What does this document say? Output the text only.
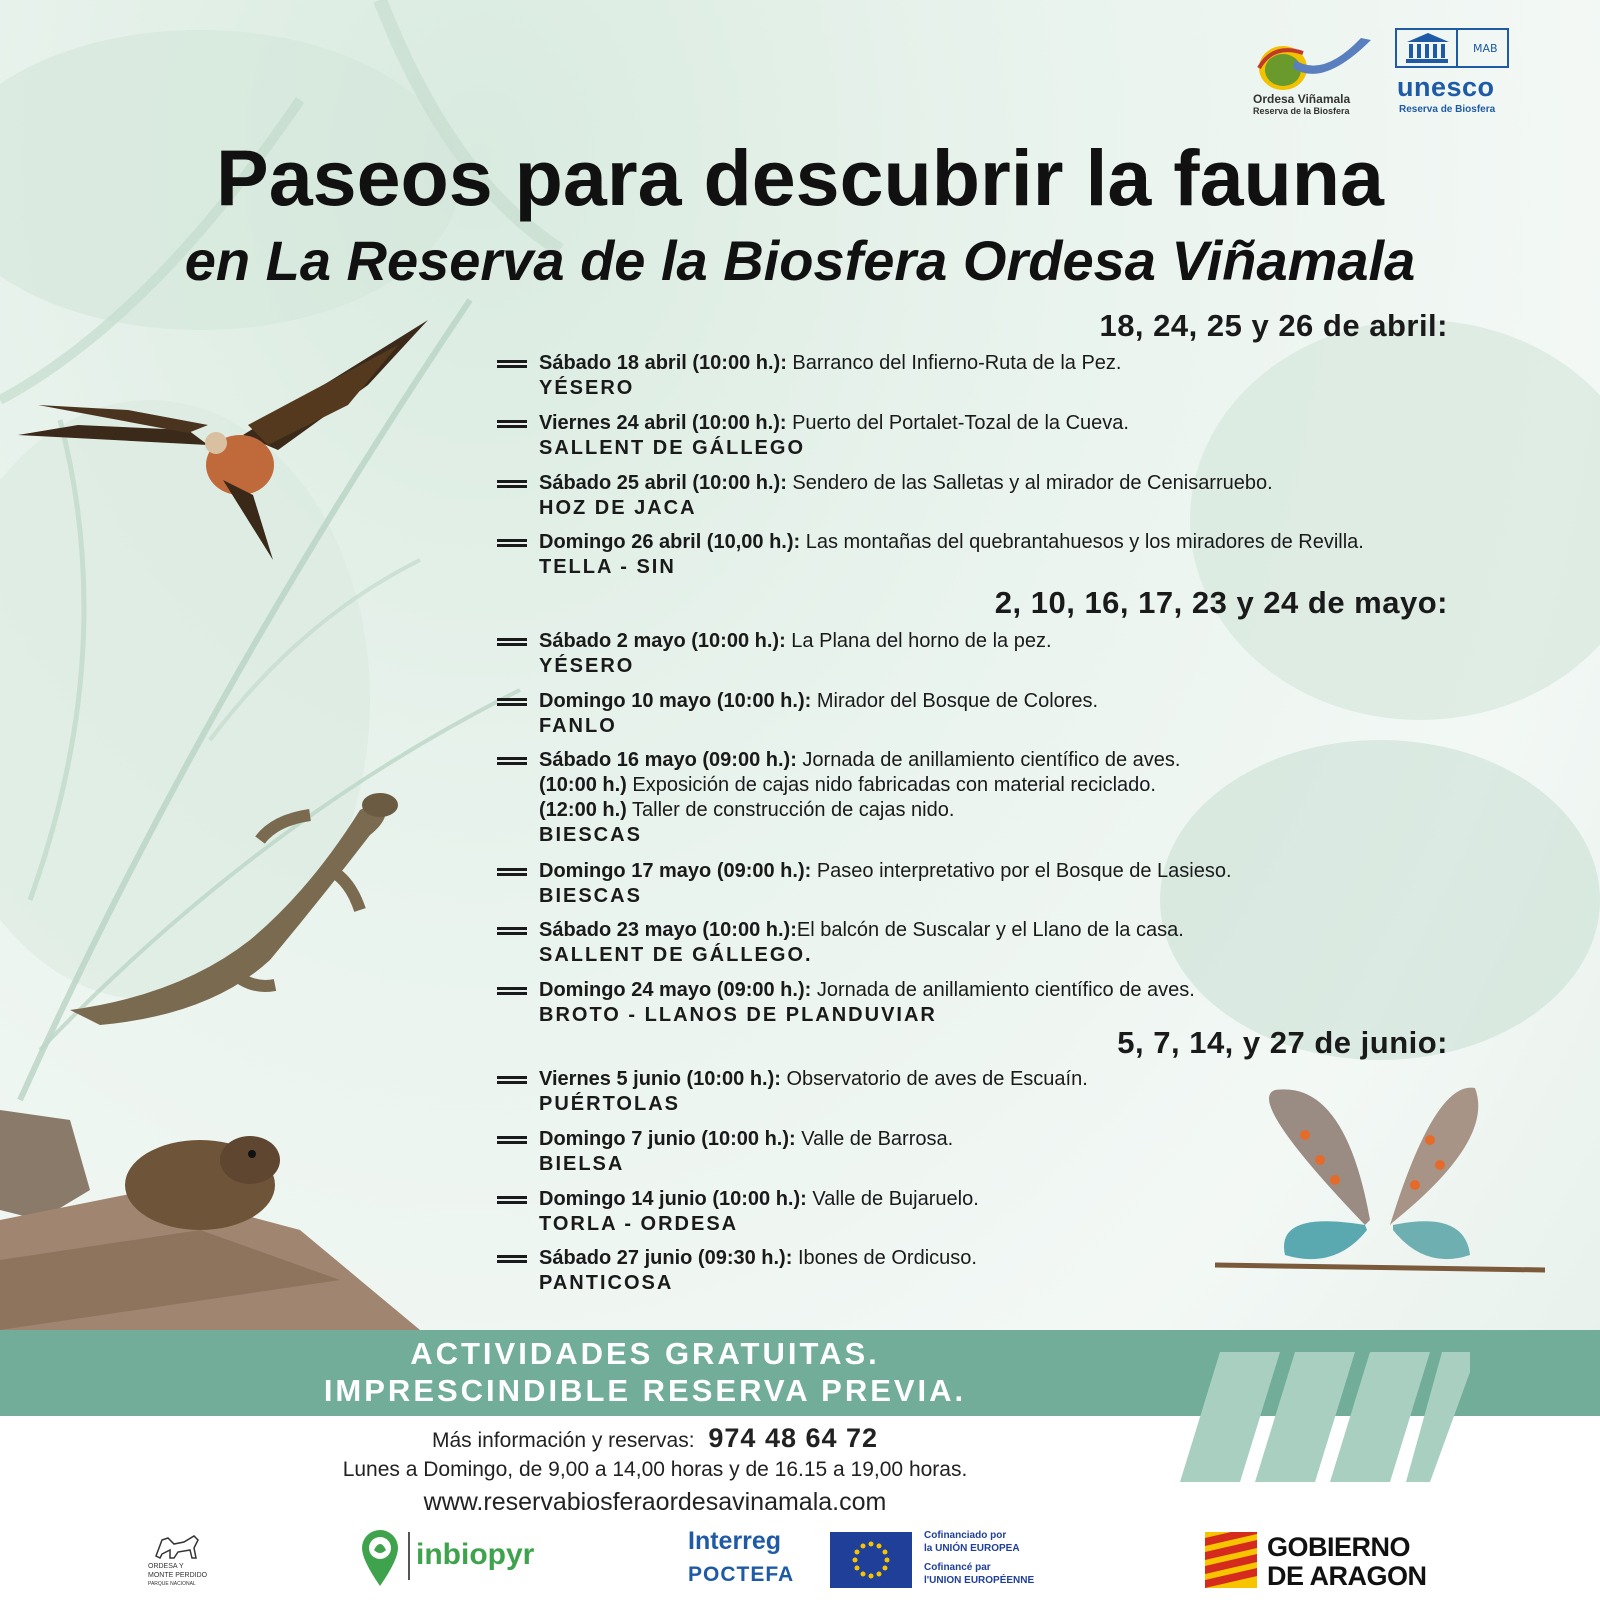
Ordesa Viñamala
Reserva de la Biosfera
MAB
unesco
Reserva de Biosfera
Paseos para descubrir la fauna
en La Reserva de la Biosfera Ordesa Viñamala
18, 24, 25 y 26 de abril:
Sábado 18 abril (10:00 h.): Barranco del Infierno-Ruta de la Pez.
YÉSERO
Viernes 24 abril (10:00 h.): Puerto del Portalet-Tozal de la Cueva.
SALLENT DE GÁLLEGO
Sábado 25 abril (10:00 h.): Sendero de las Salletas y al mirador de Cenisarruebo.
HOZ DE JACA
Domingo 26 abril (10,00 h.): Las montañas del quebrantahuesos y los miradores de Revilla.
TELLA - SIN
2, 10, 16, 17, 23 y 24 de mayo:
Sábado 2 mayo (10:00 h.): La Plana del horno de la pez.
YÉSERO
Domingo 10 mayo (10:00 h.): Mirador del Bosque de Colores.
FANLO
Sábado 16 mayo (09:00 h.): Jornada de anillamiento científico de aves.
(10:00 h.) Exposición de cajas nido fabricadas con material reciclado.
(12:00 h.) Taller de construcción de cajas nido.
BIESCAS
Domingo 17 mayo (09:00 h.): Paseo interpretativo por el Bosque de Lasieso.
BIESCAS
Sábado 23 mayo (10:00 h.):El balcón de Suscalar y el Llano de la casa.
SALLENT DE GÁLLEGO.
Domingo 24 mayo (09:00 h.): Jornada de anillamiento científico de aves.
BROTO - LLANOS DE PLANDUVIAR
5, 7, 14, y 27 de junio:
Viernes 5 junio (10:00 h.): Observatorio de aves de Escuaín.
PUÉRTOLAS
Domingo 7 junio (10:00 h.): Valle de Barrosa.
BIELSA
Domingo 14 junio (10:00 h.): Valle de Bujaruelo.
TORLA - ORDESA
Sábado 27 junio (09:30 h.): Ibones de Ordicuso.
PANTICOSA
ACTIVIDADES GRATUITAS.
IMPRESCINDIBLE RESERVA PREVIA.
Más información y reservas: 974 48 64 72
Lunes a Domingo, de 9,00 a 14,00 horas y de 16.15 a 19,00 horas.
www.reservabiosferaordesavinamala.com
ORDESA Y
MONTE PERDIDO
PARQUE NACIONAL
inbiopyr	Interreg
POCTEFA
Cofinanciado por
la UNIÓN EUROPEA
Cofinancé par
l'UNION EUROPÉENNE
GOBIERNO
DE ARAGON
